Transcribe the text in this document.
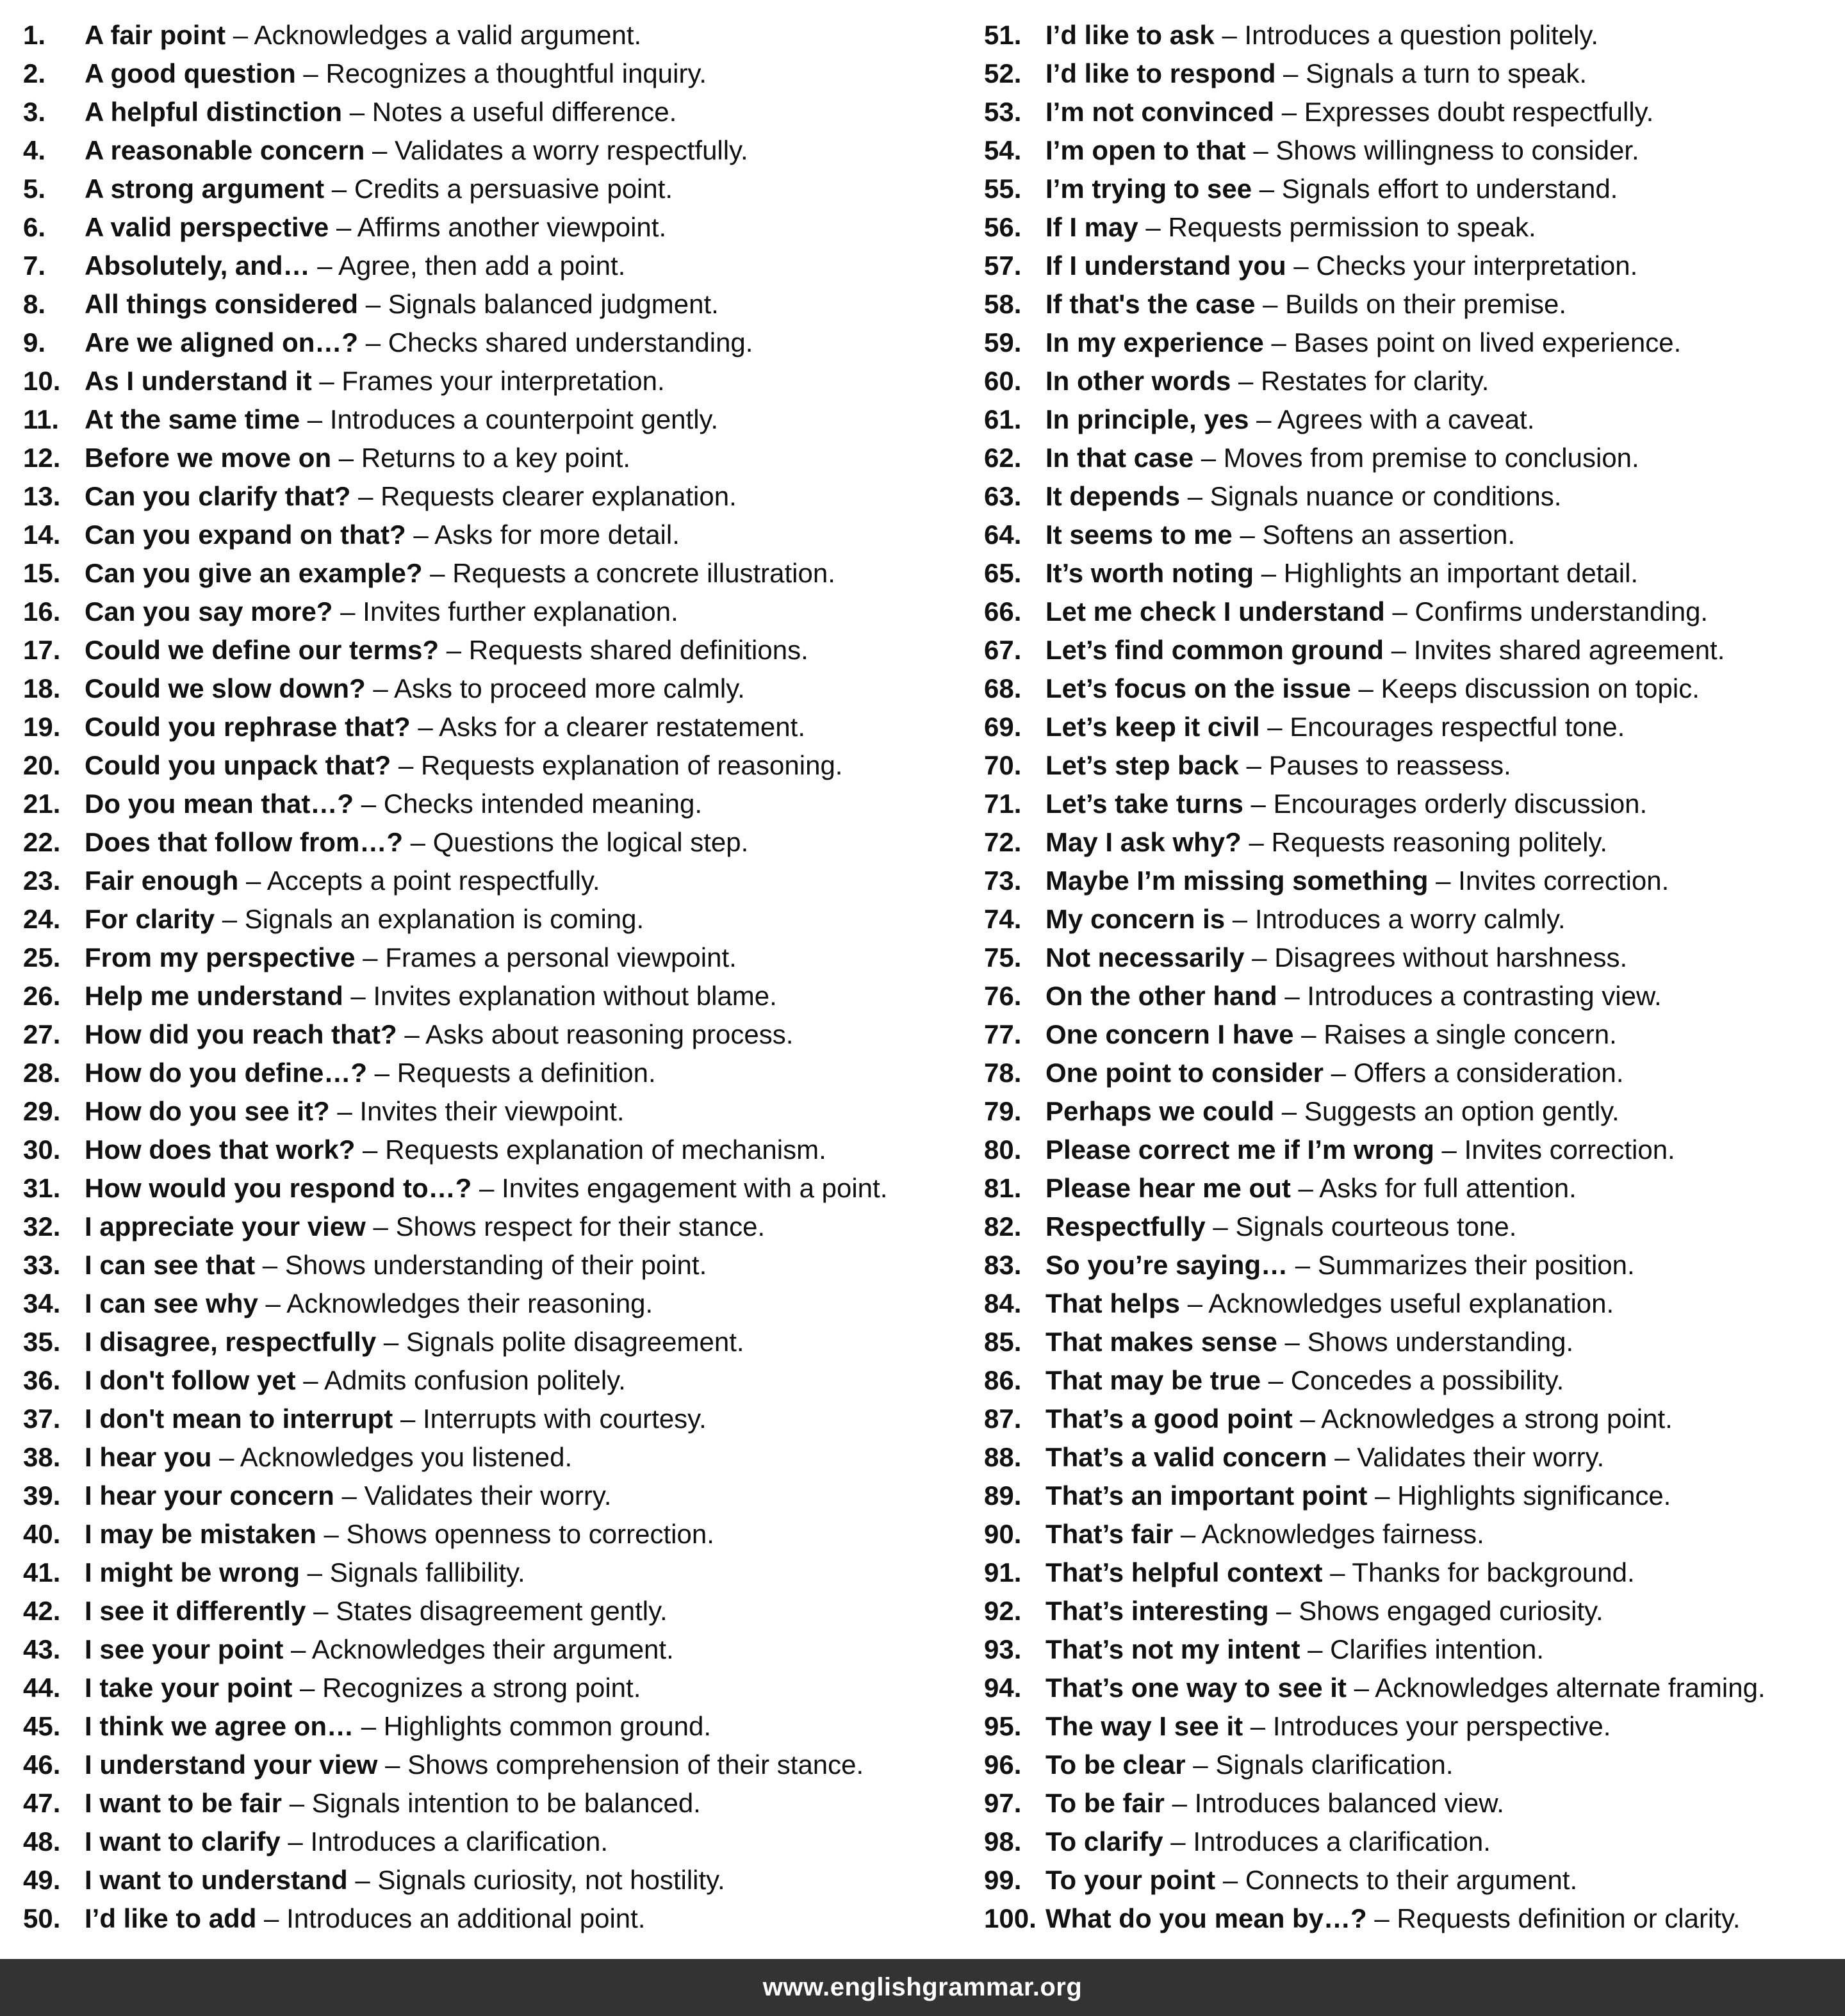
1. A fair point – Acknowledges a valid argument.
2. A good question – Recognizes a thoughtful inquiry.
3. A helpful distinction – Notes a useful difference.
4. A reasonable concern – Validates a worry respectfully.
5. A strong argument – Credits a persuasive point.
6. A valid perspective – Affirms another viewpoint.
7. Absolutely, and… – Agree, then add a point.
8. All things considered – Signals balanced judgment.
9. Are we aligned on…? – Checks shared understanding.
10. As I understand it – Frames your interpretation.
11. At the same time – Introduces a counterpoint gently.
12. Before we move on – Returns to a key point.
13. Can you clarify that? – Requests clearer explanation.
14. Can you expand on that? – Asks for more detail.
15. Can you give an example? – Requests a concrete illustration.
16. Can you say more? – Invites further explanation.
17. Could we define our terms? – Requests shared definitions.
18. Could we slow down? – Asks to proceed more calmly.
19. Could you rephrase that? – Asks for a clearer restatement.
20. Could you unpack that? – Requests explanation of reasoning.
21. Do you mean that…? – Checks intended meaning.
22. Does that follow from…? – Questions the logical step.
23. Fair enough – Accepts a point respectfully.
24. For clarity – Signals an explanation is coming.
25. From my perspective – Frames a personal viewpoint.
26. Help me understand – Invites explanation without blame.
27. How did you reach that? – Asks about reasoning process.
28. How do you define…? – Requests a definition.
29. How do you see it? – Invites their viewpoint.
30. How does that work? – Requests explanation of mechanism.
31. How would you respond to…? – Invites engagement with a point.
32. I appreciate your view – Shows respect for their stance.
33. I can see that – Shows understanding of their point.
34. I can see why – Acknowledges their reasoning.
35. I disagree, respectfully – Signals polite disagreement.
36. I don't follow yet – Admits confusion politely.
37. I don't mean to interrupt – Interrupts with courtesy.
38. I hear you – Acknowledges you listened.
39. I hear your concern – Validates their worry.
40. I may be mistaken – Shows openness to correction.
41. I might be wrong – Signals fallibility.
42. I see it differently – States disagreement gently.
43. I see your point – Acknowledges their argument.
44. I take your point – Recognizes a strong point.
45. I think we agree on… – Highlights common ground.
46. I understand your view – Shows comprehension of their stance.
47. I want to be fair – Signals intention to be balanced.
48. I want to clarify – Introduces a clarification.
49. I want to understand – Signals curiosity, not hostility.
50. I’d like to add – Introduces an additional point.
51. I’d like to ask – Introduces a question politely.
52. I’d like to respond – Signals a turn to speak.
53. I’m not convinced – Expresses doubt respectfully.
54. I’m open to that – Shows willingness to consider.
55. I’m trying to see – Signals effort to understand.
56. If I may – Requests permission to speak.
57. If I understand you – Checks your interpretation.
58. If that's the case – Builds on their premise.
59. In my experience – Bases point on lived experience.
60. In other words – Restates for clarity.
61. In principle, yes – Agrees with a caveat.
62. In that case – Moves from premise to conclusion.
63. It depends – Signals nuance or conditions.
64. It seems to me – Softens an assertion.
65. It’s worth noting – Highlights an important detail.
66. Let me check I understand – Confirms understanding.
67. Let’s find common ground – Invites shared agreement.
68. Let’s focus on the issue – Keeps discussion on topic.
69. Let’s keep it civil – Encourages respectful tone.
70. Let’s step back – Pauses to reassess.
71. Let’s take turns – Encourages orderly discussion.
72. May I ask why? – Requests reasoning politely.
73. Maybe I’m missing something – Invites correction.
74. My concern is – Introduces a worry calmly.
75. Not necessarily – Disagrees without harshness.
76. On the other hand – Introduces a contrasting view.
77. One concern I have – Raises a single concern.
78. One point to consider – Offers a consideration.
79. Perhaps we could – Suggests an option gently.
80. Please correct me if I’m wrong – Invites correction.
81. Please hear me out – Asks for full attention.
82. Respectfully – Signals courteous tone.
83. So you’re saying… – Summarizes their position.
84. That helps – Acknowledges useful explanation.
85. That makes sense – Shows understanding.
86. That may be true – Concedes a possibility.
87. That’s a good point – Acknowledges a strong point.
88. That’s a valid concern – Validates their worry.
89. That’s an important point – Highlights significance.
90. That’s fair – Acknowledges fairness.
91. That’s helpful context – Thanks for background.
92. That’s interesting – Shows engaged curiosity.
93. That’s not my intent – Clarifies intention.
94. That’s one way to see it – Acknowledges alternate framing.
95. The way I see it – Introduces your perspective.
96. To be clear – Signals clarification.
97. To be fair – Introduces balanced view.
98. To clarify – Introduces a clarification.
99. To your point – Connects to their argument.
100. What do you mean by…? – Requests definition or clarity.
www.englishgrammar.org
